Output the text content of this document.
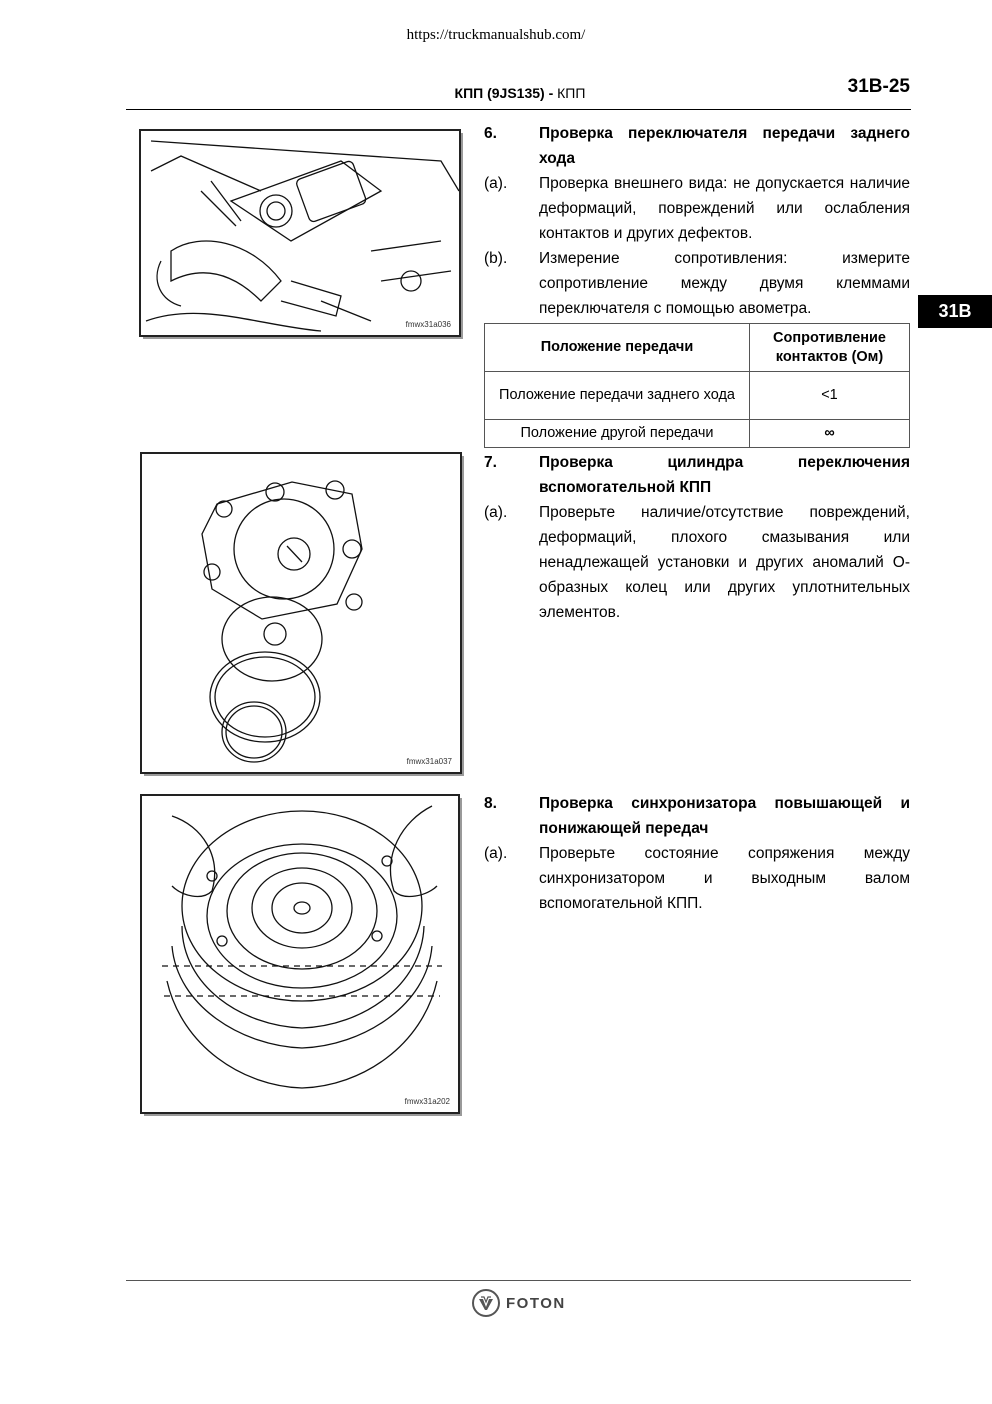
https://truckmanualshub.com/
КПП (9JS135) - КПП	31B-25
31B
fmwx31a036
fmwx31a037
fmwx31a202
6.	Проверка переключателя передачи заднего хода
(a).	Проверка внешнего вида: не допускается наличие деформаций, повреждений или ослабления контактов и других дефектов.
(b).	Измерение сопротивления: измерите сопротивление между двумя клеммами переключателя с помощью авометра.
Положение передачи	Сопротивление контактов (Ом)
Положение передачи заднего хода	<1
Положение другой передачи	∞
7.	Проверка цилиндра переключения вспомогательной КПП
(a).	Проверьте наличие/отсутствие повреждений, деформаций, плохого смазывания или ненадлежащей установки и других аномалий О-образных колец или других уплотнительных элементов.
8.	Проверка синхронизатора повышающей и понижающей передач
(a).	Проверьте состояние сопряжения между синхронизатором и выходным валом вспомогательной КПП.
FOTON
